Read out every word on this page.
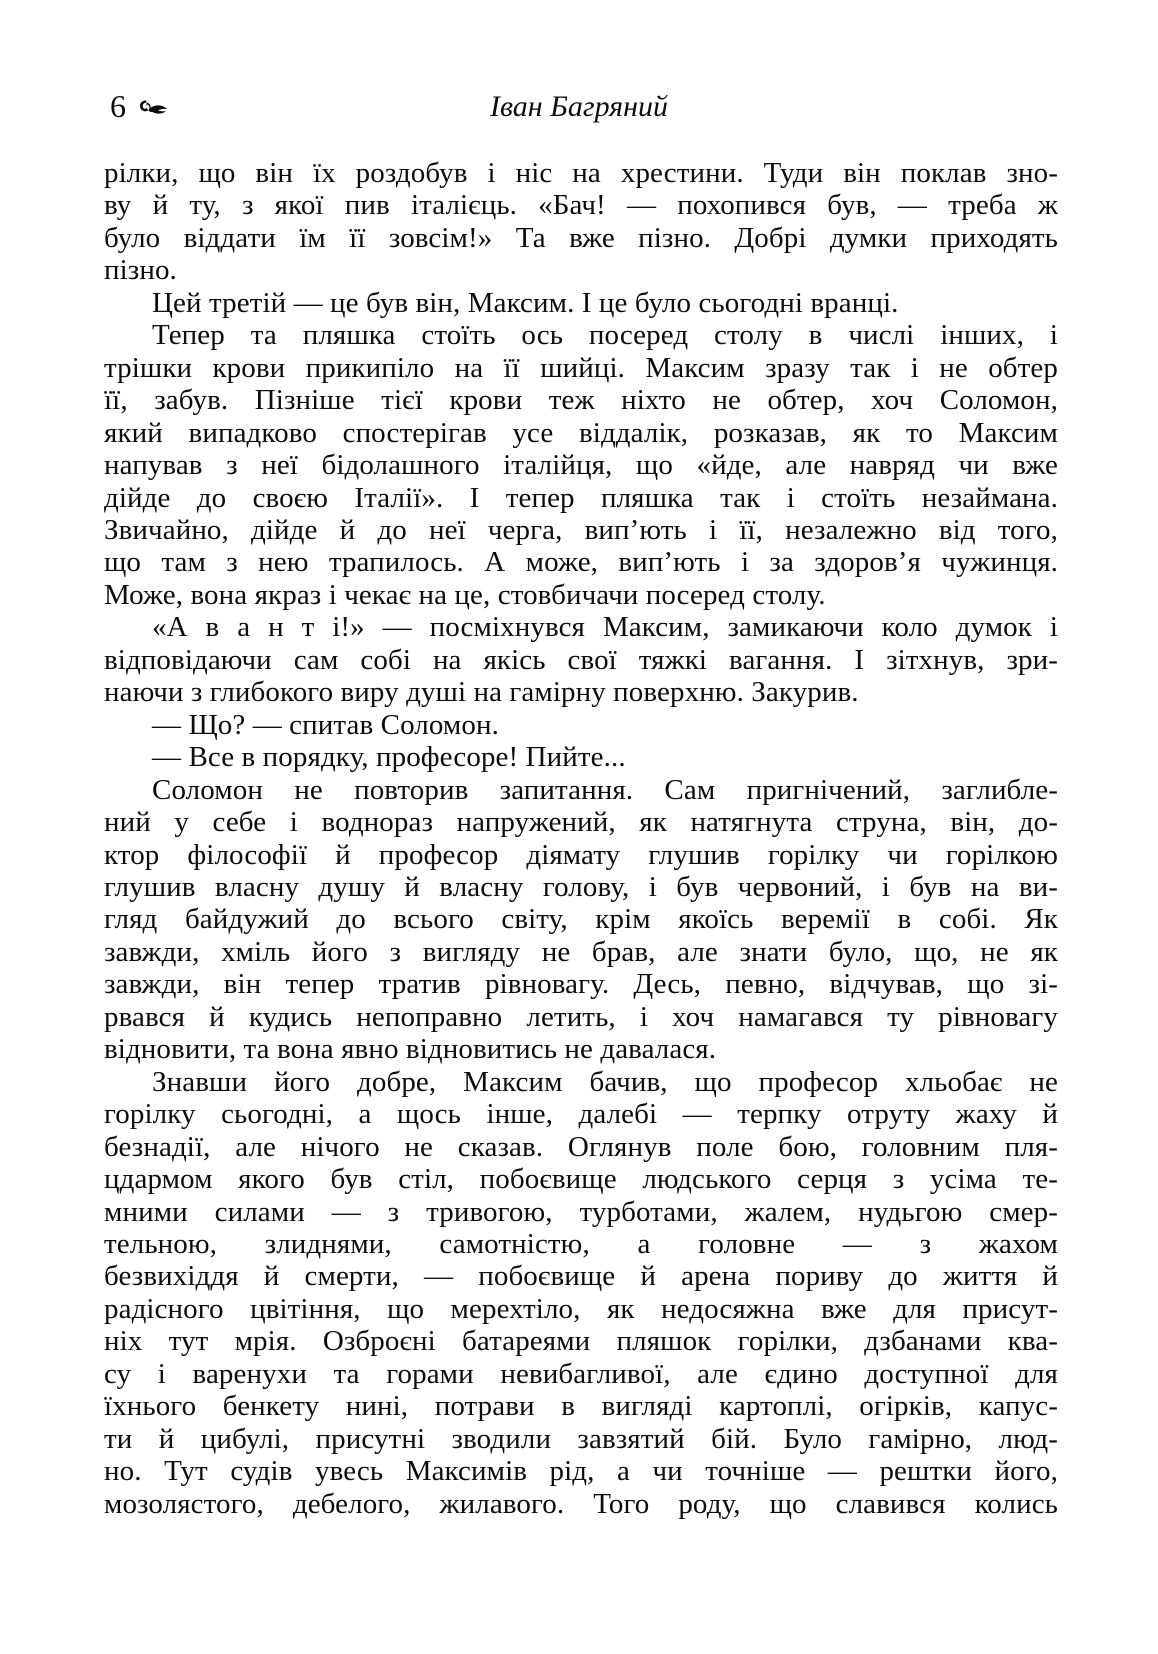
6	Іван Багряний
рілки, що він їх роздобув і ніс на хрестини. Туди він поклав зно-
ву й ту, з якої пив італієць. «Бач! — похопився був, — треба ж
було віддати їм її зовсім!» Та вже пізно. Добрі думки приходять
пізно.
Цей третій — це був він, Максим. І це було сьогодні вранці.
Тепер та пляшка стоїть ось посеред столу в числі інших, і
трішки крови прикипіло на її шийці. Максим зразу так і не обтер
її, забув. Пізніше тієї крови теж ніхто не обтер, хоч Соломон,
який випадково спостерігав усе віддалік, розказав, як то Максим
напував з неї бідолашного італійця, що «йде, але навряд чи вже
дійде до своєю Італії». І тепер пляшка так і стоїть незаймана.
Звичайно, дійде й до неї черга, вип’ють і її, незалежно від того,
що там з нею трапилось. А може, вип’ють і за здоров’я чужинця.
Може, вона якраз і чекає на це, стовбичачи посеред столу.
«А в а н т і!» — посміхнувся Максим, замикаючи коло думок і
відповідаючи сам собі на якісь свої тяжкі вагання. І зітхнув, зри-
наючи з глибокого виру душі на гамірну поверхню. Закурив.
— Що? — спитав Соломон.
— Все в порядку, професоре! Пийте...
Соломон не повторив запитання. Сам пригнічений, заглибле-
ний у себе і воднораз напружений, як натягнута струна, він, до-
ктор філософії й професор діямату глушив горілку чи горілкою
глушив власну душу й власну голову, і був червоний, і був на ви-
гляд байдужий до всього світу, крім якоїсь веремії в собі. Як
завжди, хміль його з вигляду не брав, але знати було, що, не як
завжди, він тепер тратив рівновагу. Десь, певно, відчував, що зі-
рвався й кудись непоправно летить, і хоч намагався ту рівновагу
відновити, та вона явно відновитись не давалася.
Знавши його добре, Максим бачив, що професор хльобає не
горілку сьогодні, а щось інше, далебі — терпку отруту жаху й
безнадії, але нічого не сказав. Оглянув поле бою, головним пля-
цдармом якого був стіл, побоєвище людського серця з усіма те-
мними силами — з тривогою, турботами, жалем, нудьгою смер-
тельною, злиднями, самотністю, а головне — з жахом
безвихіддя й смерти, — побоєвище й арена пориву до життя й
радісного цвітіння, що мерехтіло, як недосяжна вже для присут-
ніх тут мрія. Озброєні батареями пляшок горілки, дзбанами ква-
су і варенухи та горами невибагливої, але єдино доступної для
їхнього бенкету нині, потрави в вигляді картоплі, огірків, капус-
ти й цибулі, присутні зводили завзятий бій. Було гамірно, люд-
но. Тут судів увесь Максимів рід, а чи точніше — рештки його,
мозолястого, дебелого, жилавого. Того роду, що славився колись
